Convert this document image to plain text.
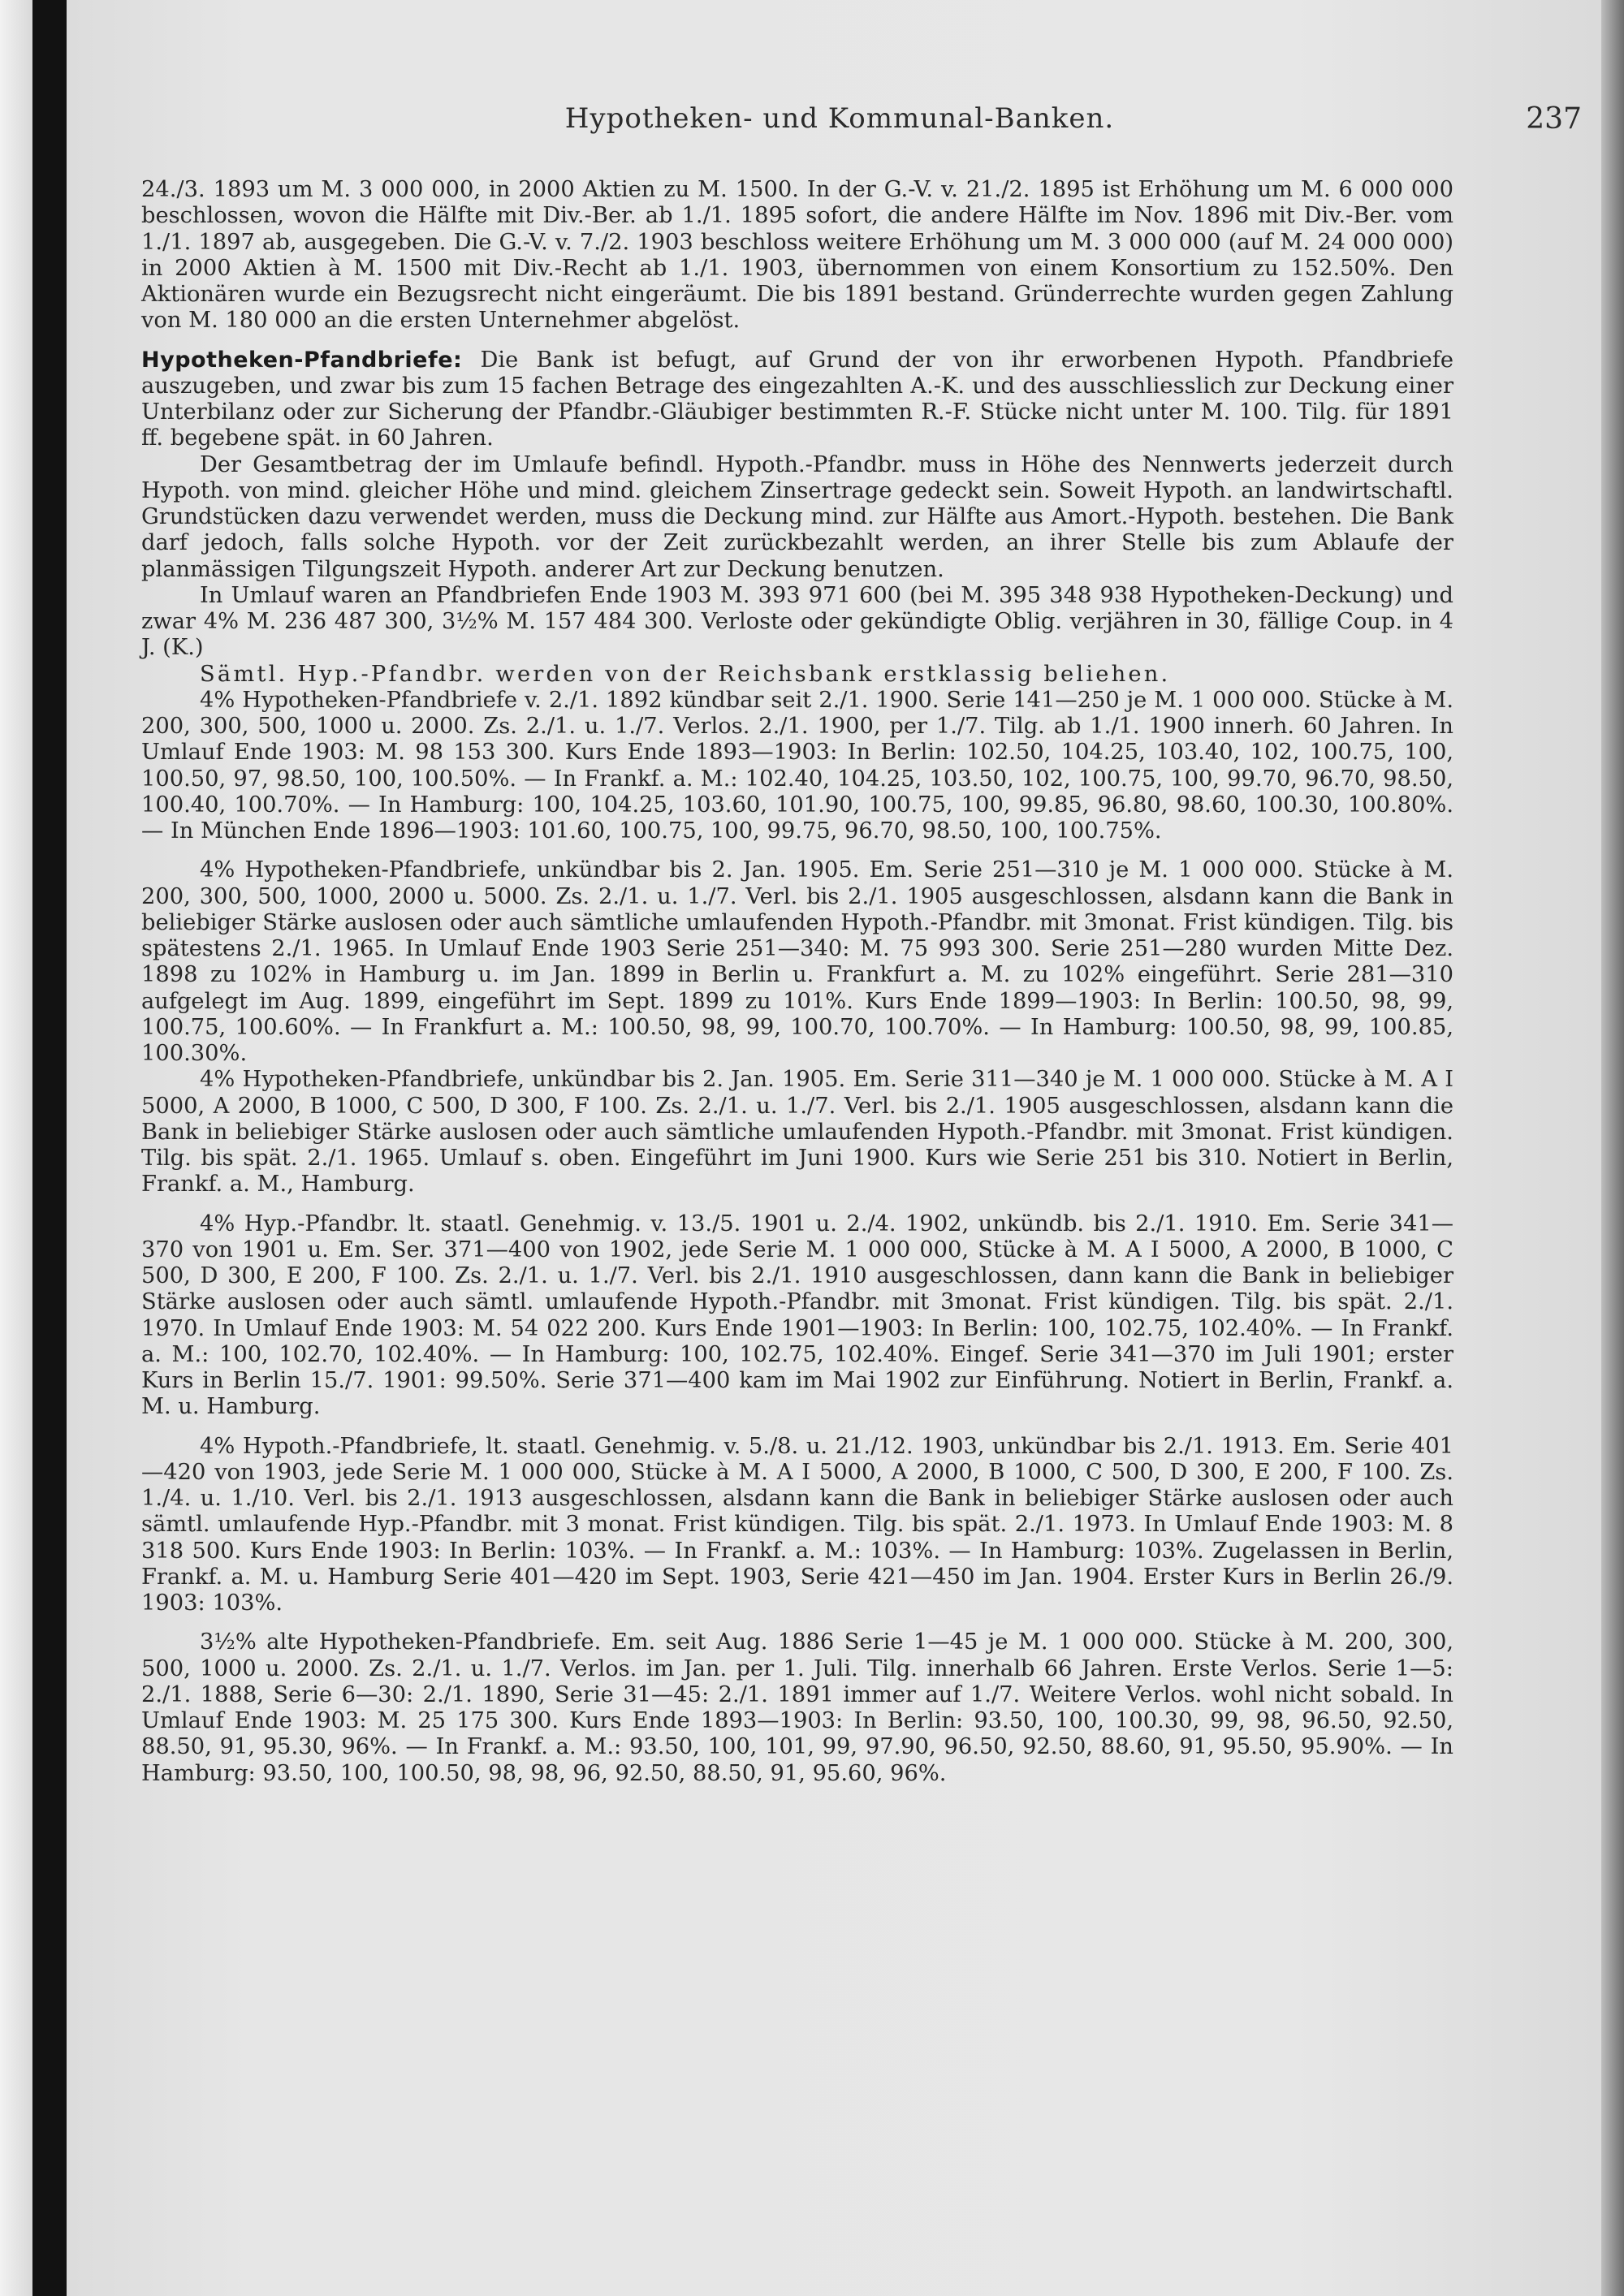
Hypotheken- und Kommunal-Banken.	237

24./3. 1893 um M. 3 000 000, in 2000 Aktien zu M. 1500. In der G.-V. v. 21./2. 1895 ist Erhöhung um M. 6 000 000 beschlossen, wovon die Hälfte mit Div.-Ber. ab 1./1. 1895 sofort, die andere Hälfte im Nov. 1896 mit Div.-Ber. vom 1./1. 1897 ab, ausgegeben. Die G.-V. v. 7./2. 1903 beschloss weitere Erhöhung um M. 3 000 000 (auf M. 24 000 000) in 2000 Aktien à M. 1500 mit Div.-Recht ab 1./1. 1903, übernommen von einem Konsortium zu 152.50%. Den Aktionären wurde ein Bezugsrecht nicht eingeräumt. Die bis 1891 bestand. Gründerrechte wurden gegen Zahlung von M. 180 000 an die ersten Unternehmer abgelöst.

Hypotheken-Pfandbriefe: Die Bank ist befugt, auf Grund der von ihr erworbenen Hypoth. Pfandbriefe auszugeben, und zwar bis zum 15 fachen Betrage des eingezahlten A.-K. und des ausschliesslich zur Deckung einer Unterbilanz oder zur Sicherung der Pfandbr.-Gläubiger bestimmten R.-F. Stücke nicht unter M. 100. Tilg. für 1891 ff. begebene spät. in 60 Jahren.

Der Gesamtbetrag der im Umlaufe befindl. Hypoth.-Pfandbr. muss in Höhe des Nennwerts jederzeit durch Hypoth. von mind. gleicher Höhe und mind. gleichem Zinsertrage gedeckt sein. Soweit Hypoth. an landwirtschaftl. Grundstücken dazu verwendet werden, muss die Deckung mind. zur Hälfte aus Amort.-Hypoth. bestehen. Die Bank darf jedoch, falls solche Hypoth. vor der Zeit zurückbezahlt werden, an ihrer Stelle bis zum Ablaufe der planmässigen Tilgungszeit Hypoth. anderer Art zur Deckung benutzen.

In Umlauf waren an Pfandbriefen Ende 1903 M. 393 971 600 (bei M. 395 348 938 Hypotheken-Deckung) und zwar 4% M. 236 487 300, 3½% M. 157 484 300. Verloste oder gekündigte Oblig. verjähren in 30, fällige Coup. in 4 J. (K.)

Sämtl. Hyp.-Pfandbr. werden von der Reichsbank erstklassig beliehen.

4% Hypotheken-Pfandbriefe v. 2./1. 1892 kündbar seit 2./1. 1900. Serie 141—250 je M. 1 000 000. Stücke à M. 200, 300, 500, 1000 u. 2000. Zs. 2./1. u. 1./7. Verlos. 2./1. 1900, per 1./7. Tilg. ab 1./1. 1900 innerh. 60 Jahren. In Umlauf Ende 1903: M. 98 153 300. Kurs Ende 1893—1903: In Berlin: 102.50, 104.25, 103.40, 102, 100.75, 100, 100.50, 97, 98.50, 100, 100.50%. — In Frankf. a. M.: 102.40, 104.25, 103.50, 102, 100.75, 100, 99.70, 96.70, 98.50, 100.40, 100.70%. — In Hamburg: 100, 104.25, 103.60, 101.90, 100.75, 100, 99.85, 96.80, 98.60, 100.30, 100.80%. — In München Ende 1896—1903: 101.60, 100.75, 100, 99.75, 96.70, 98.50, 100, 100.75%.

4% Hypotheken-Pfandbriefe, unkündbar bis 2. Jan. 1905. Em. Serie 251—310 je M. 1 000 000. Stücke à M. 200, 300, 500, 1000, 2000 u. 5000. Zs. 2./1. u. 1./7. Verl. bis 2./1. 1905 ausgeschlossen, alsdann kann die Bank in beliebiger Stärke auslosen oder auch sämtliche umlaufenden Hypoth.-Pfandbr. mit 3monat. Frist kündigen. Tilg. bis spätestens 2./1. 1965. In Umlauf Ende 1903 Serie 251—340: M. 75 993 300. Serie 251—280 wurden Mitte Dez. 1898 zu 102% in Hamburg u. im Jan. 1899 in Berlin u. Frankfurt a. M. zu 102% eingeführt. Serie 281—310 aufgelegt im Aug. 1899, eingeführt im Sept. 1899 zu 101%. Kurs Ende 1899—1903: In Berlin: 100.50, 98, 99, 100.75, 100.60%. — In Frankfurt a. M.: 100.50, 98, 99, 100.70, 100.70%. — In Hamburg: 100.50, 98, 99, 100.85, 100.30%.

4% Hypotheken-Pfandbriefe, unkündbar bis 2. Jan. 1905. Em. Serie 311—340 je M. 1 000 000. Stücke à M. A I 5000, A 2000, B 1000, C 500, D 300, F 100. Zs. 2./1. u. 1./7. Verl. bis 2./1. 1905 ausgeschlossen, alsdann kann die Bank in beliebiger Stärke auslosen oder auch sämtliche umlaufenden Hypoth.-Pfandbr. mit 3monat. Frist kündigen. Tilg. bis spät. 2./1. 1965. Umlauf s. oben. Eingeführt im Juni 1900. Kurs wie Serie 251 bis 310. Notiert in Berlin, Frankf. a. M., Hamburg.

4% Hyp.-Pfandbr. lt. staatl. Genehmig. v. 13./5. 1901 u. 2./4. 1902, unkündb. bis 2./1. 1910. Em. Serie 341—370 von 1901 u. Em. Ser. 371—400 von 1902, jede Serie M. 1 000 000, Stücke à M. A I 5000, A 2000, B 1000, C 500, D 300, E 200, F 100. Zs. 2./1. u. 1./7. Verl. bis 2./1. 1910 ausgeschlossen, dann kann die Bank in beliebiger Stärke auslosen oder auch sämtl. umlaufende Hypoth.-Pfandbr. mit 3monat. Frist kündigen. Tilg. bis spät. 2./1. 1970. In Umlauf Ende 1903: M. 54 022 200. Kurs Ende 1901—1903: In Berlin: 100, 102.75, 102.40%. — In Frankf. a. M.: 100, 102.70, 102.40%. — In Hamburg: 100, 102.75, 102.40%. Eingef. Serie 341—370 im Juli 1901; erster Kurs in Berlin 15./7. 1901: 99.50%. Serie 371—400 kam im Mai 1902 zur Einführung. Notiert in Berlin, Frankf. a. M. u. Hamburg.

4% Hypoth.-Pfandbriefe, lt. staatl. Genehmig. v. 5./8. u. 21./12. 1903, unkündbar bis 2./1. 1913. Em. Serie 401—420 von 1903, jede Serie M. 1 000 000, Stücke à M. A I 5000, A 2000, B 1000, C 500, D 300, E 200, F 100. Zs. 1./4. u. 1./10. Verl. bis 2./1. 1913 ausgeschlossen, alsdann kann die Bank in beliebiger Stärke auslosen oder auch sämtl. umlaufende Hyp.-Pfandbr. mit 3 monat. Frist kündigen. Tilg. bis spät. 2./1. 1973. In Umlauf Ende 1903: M. 8 318 500. Kurs Ende 1903: In Berlin: 103%. — In Frankf. a. M.: 103%. — In Hamburg: 103%. Zugelassen in Berlin, Frankf. a. M. u. Hamburg Serie 401—420 im Sept. 1903, Serie 421—450 im Jan. 1904. Erster Kurs in Berlin 26./9. 1903: 103%.

3½% alte Hypotheken-Pfandbriefe. Em. seit Aug. 1886 Serie 1—45 je M. 1 000 000. Stücke à M. 200, 300, 500, 1000 u. 2000. Zs. 2./1. u. 1./7. Verlos. im Jan. per 1. Juli. Tilg. innerhalb 66 Jahren. Erste Verlos. Serie 1—5: 2./1. 1888, Serie 6—30: 2./1. 1890, Serie 31—45: 2./1. 1891 immer auf 1./7. Weitere Verlos. wohl nicht sobald. In Umlauf Ende 1903: M. 25 175 300. Kurs Ende 1893—1903: In Berlin: 93.50, 100, 100.30, 99, 98, 96.50, 92.50, 88.50, 91, 95.30, 96%. — In Frankf. a. M.: 93.50, 100, 101, 99, 97.90, 96.50, 92.50, 88.60, 91, 95.50, 95.90%. — In Hamburg: 93.50, 100, 100.50, 98, 98, 96, 92.50, 88.50, 91, 95.60, 96%.
